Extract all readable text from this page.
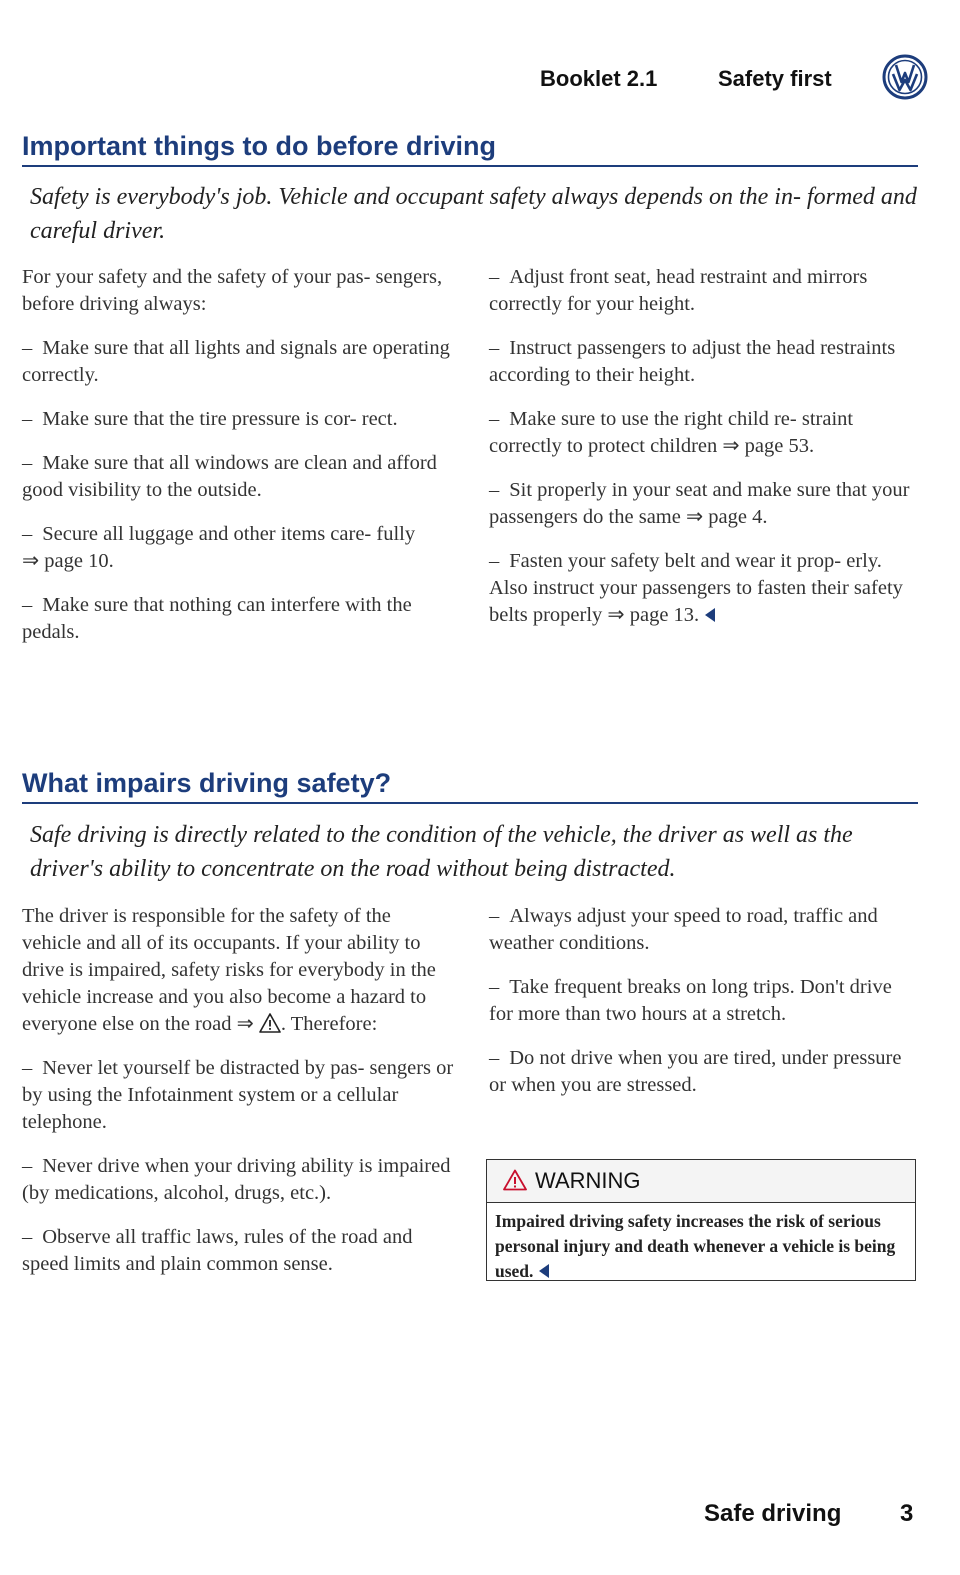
Booklet 2.1	Safety first
Important things to do before driving

Safety is everybody's job. Vehicle and occupant safety always depends on the in- formed and careful driver.

For your safety and the safety of your pas- sengers, before driving always:

– Make sure that all lights and signals are operating correctly.

– Make sure that the tire pressure is cor- rect.

– Make sure that all windows are clean and afford good visibility to the outside.

– Secure all luggage and other items care- fully ⇒ page 10.

– Make sure that nothing can interfere with the pedals.

– Adjust front seat, head restraint and mirrors correctly for your height.

– Instruct passengers to adjust the head restraints according to their height.

– Make sure to use the right child re- straint correctly to protect children ⇒ page 53.

– Sit properly in your seat and make sure that your passengers do the same ⇒ page 4.

– Fasten your safety belt and wear it prop- erly. Also instruct your passengers to fasten their safety belts properly ⇒ page 13.

What impairs driving safety?

Safe driving is directly related to the condition of the vehicle, the driver as well as the driver's ability to concentrate on the road without being distracted.

The driver is responsible for the safety of the vehicle and all of its occupants. If your ability to drive is impaired, safety risks for everybody in the vehicle increase and you also become a hazard to everyone else on the road ⇒ . Therefore:

– Never let yourself be distracted by pas- sengers or by using the Infotainment system or a cellular telephone.

– Never drive when your driving ability is impaired (by medications, alcohol, drugs, etc.).

– Observe all traffic laws, rules of the road and speed limits and plain common sense.

– Always adjust your speed to road, traffic and weather conditions.

– Take frequent breaks on long trips. Don't drive for more than two hours at a stretch.

– Do not drive when you are tired, under pressure or when you are stressed.

WARNING
Impaired driving safety increases the risk of serious personal injury and death whenever a vehicle is being used.
Safe driving 3
